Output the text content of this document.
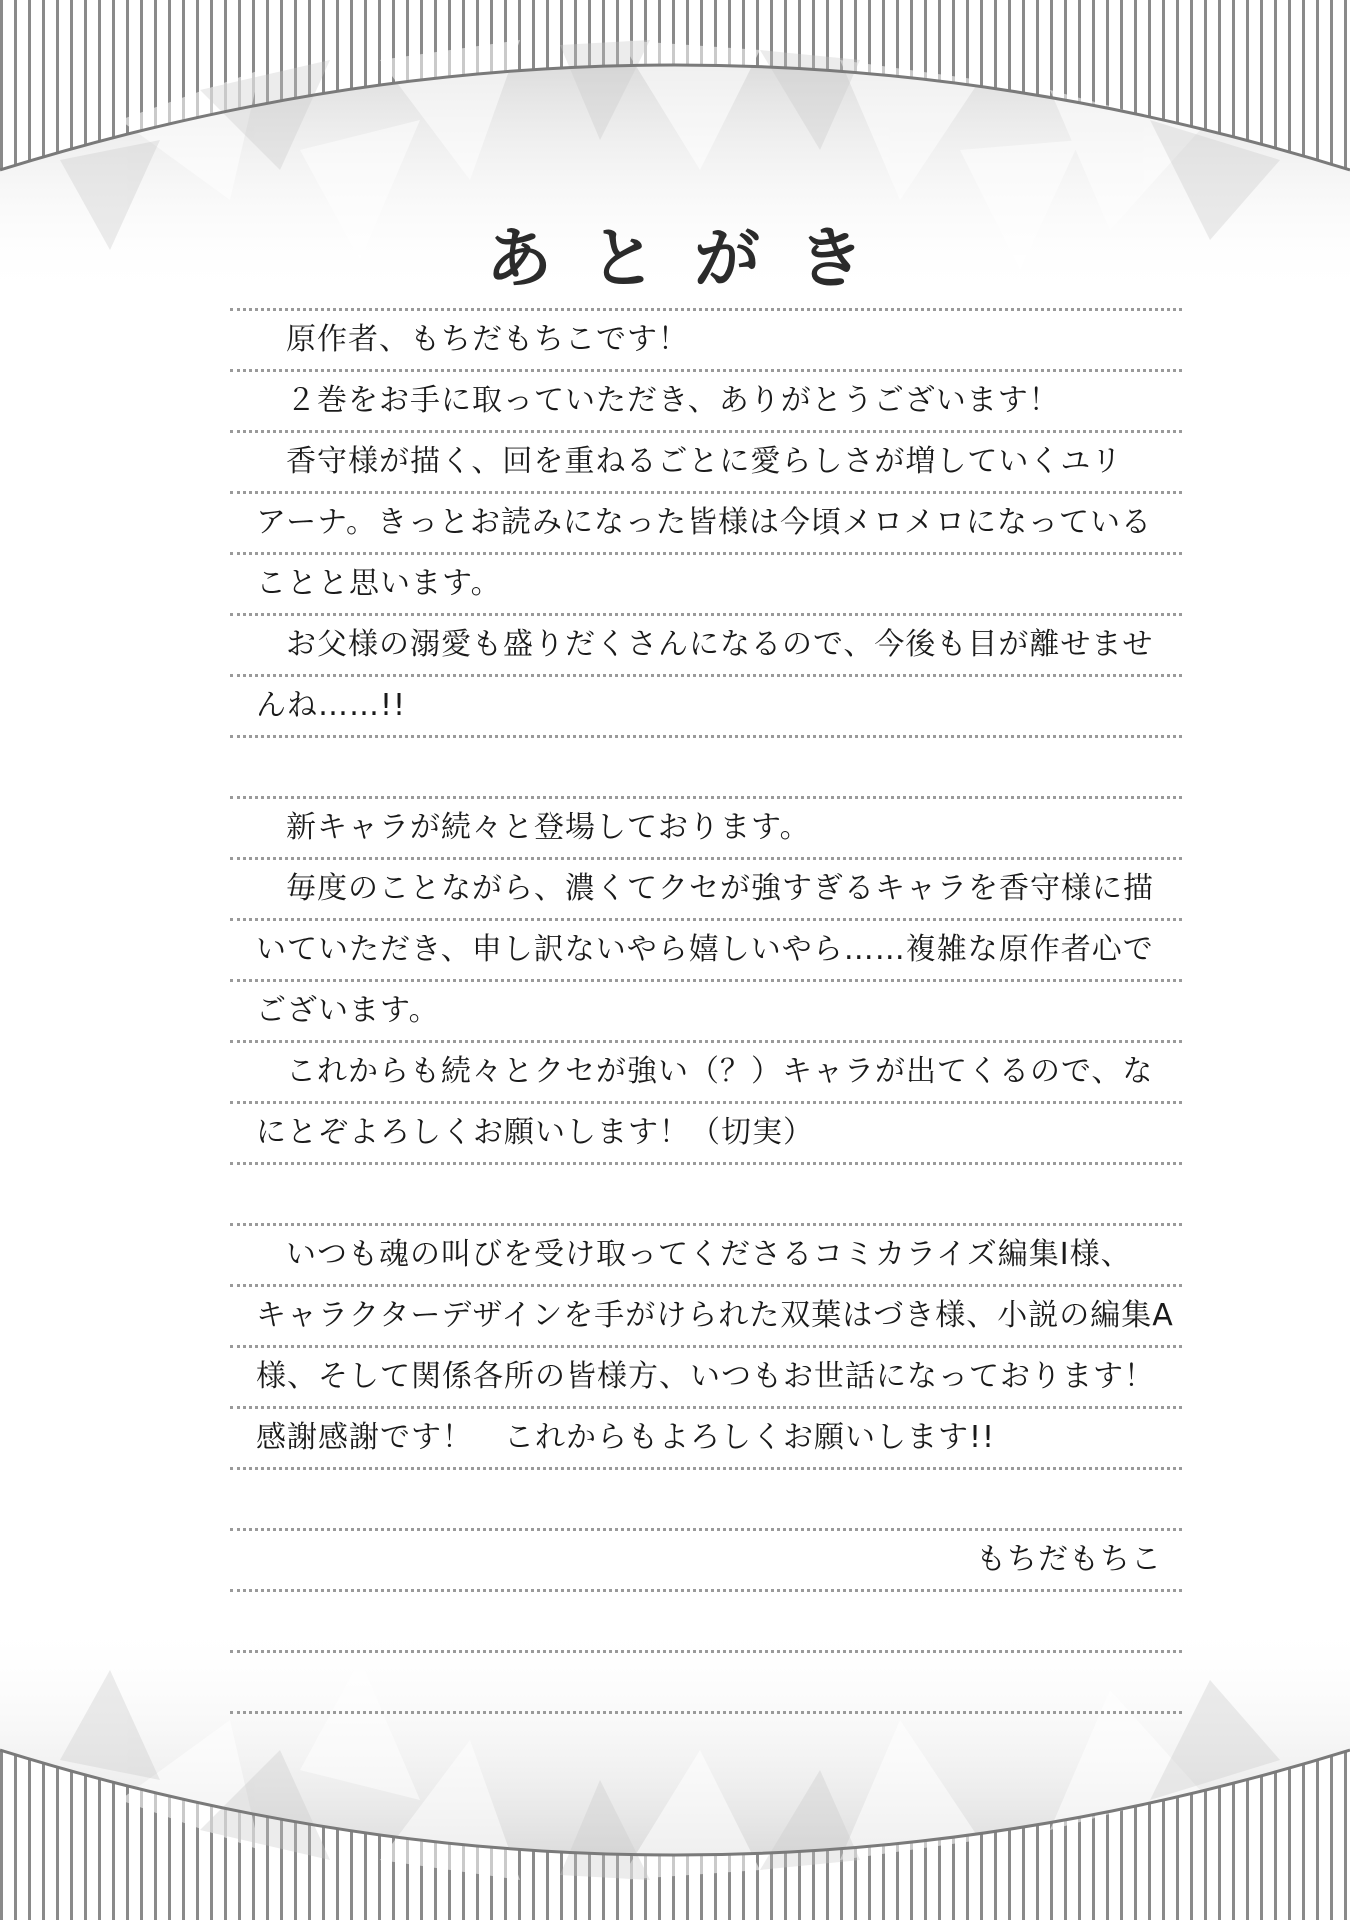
あとがき
原作者、もちだもちこです！
２巻をお手に取っていただき、ありがとうございます！
香守様が描く、回を重ねるごとに愛らしさが増していくユリ
アーナ。きっとお読みになった皆様は今頃メロメロになっている
ことと思います。
お父様の溺愛も盛りだくさんになるので、今後も目が離せませ
んね……!!
新キャラが続々と登場しております。
毎度のことながら、濃くてクセが強すぎるキャラを香守様に描
いていただき、申し訳ないやら嬉しいやら……複雑な原作者心で
ございます。
これからも続々とクセが強い（？）キャラが出てくるので、な
にとぞよろしくお願いします！（切実）
いつも魂の叫びを受け取ってくださるコミカライズ編集I様、
キャラクターデザインを手がけられた双葉はづき様、小説の編集A
様、そして関係各所の皆様方、いつもお世話になっております！
感謝感謝です！　これからもよろしくお願いします!!
もちだもちこ
